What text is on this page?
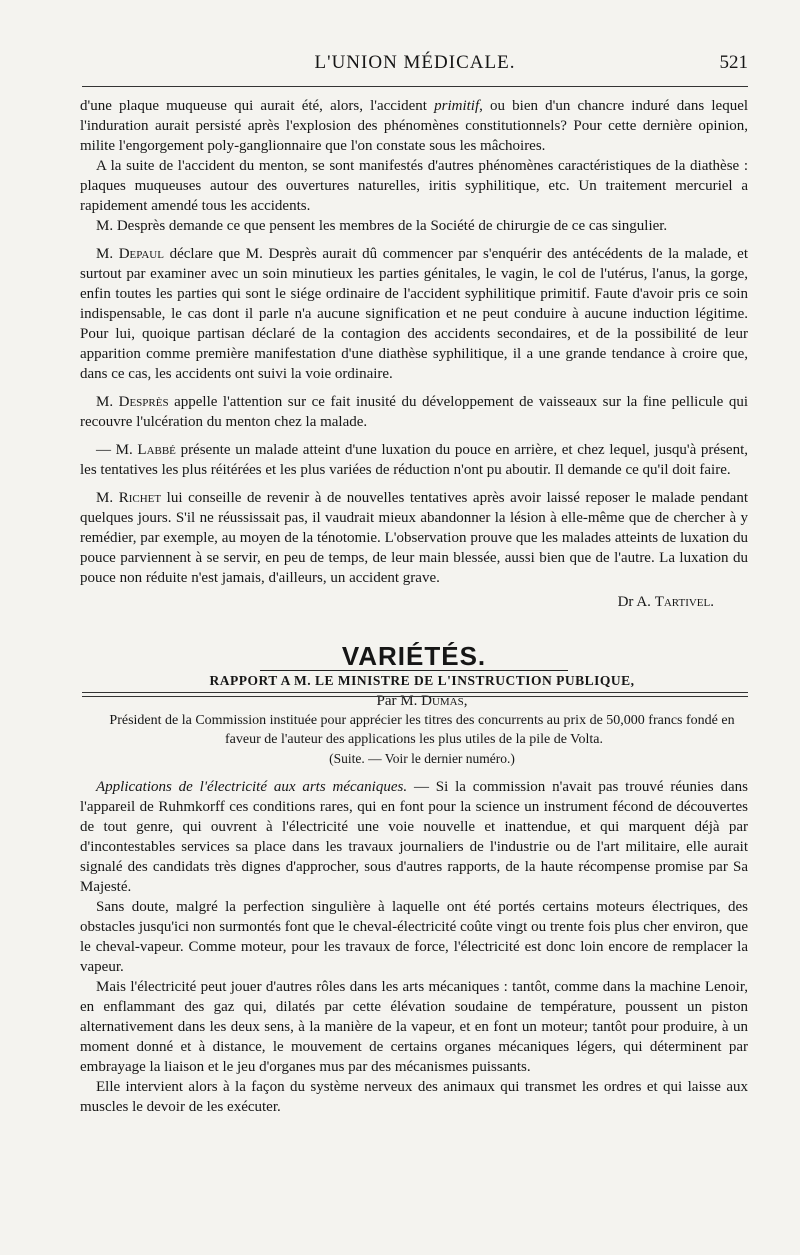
L'UNION MÉDICALE.	521

d'une plaque muqueuse qui aurait été, alors, l'accident primitif, ou bien d'un chancre induré dans lequel l'induration aurait persisté après l'explosion des phénomènes constitutionnels? Pour cette dernière opinion, milite l'engorgement poly-ganglionnaire que l'on constate sous les mâchoires.

A la suite de l'accident du menton, se sont manifestés d'autres phénomènes caractéristiques de la diathèse : plaques muqueuses autour des ouvertures naturelles, iritis syphilitique, etc. Un traitement mercuriel a rapidement amendé tous les accidents.

M. Desprès demande ce que pensent les membres de la Société de chirurgie de ce cas singulier.

M. Depaul déclare que M. Desprès aurait dû commencer par s'enquérir des antécédents de la malade, et surtout par examiner avec un soin minutieux les parties génitales, le vagin, le col de l'utérus, l'anus, la gorge, enfin toutes les parties qui sont le siége ordinaire de l'accident syphilitique primitif. Faute d'avoir pris ce soin indispensable, le cas dont il parle n'a aucune signification et ne peut conduire à aucune induction légitime. Pour lui, quoique partisan déclaré de la contagion des accidents secondaires, et de la possibilité de leur apparition comme première manifestation d'une diathèse syphilitique, il a une grande tendance à croire que, dans ce cas, les accidents ont suivi la voie ordinaire.

M. Desprès appelle l'attention sur ce fait inusité du développement de vaisseaux sur la fine pellicule qui recouvre l'ulcération du menton chez la malade.

— M. Labbé présente un malade atteint d'une luxation du pouce en arrière, et chez lequel, jusqu'à présent, les tentatives les plus réitérées et les plus variées de réduction n'ont pu aboutir. Il demande ce qu'il doit faire.

M. Richet lui conseille de revenir à de nouvelles tentatives après avoir laissé reposer le malade pendant quelques jours. S'il ne réussissait pas, il vaudrait mieux abandonner la lésion à elle-même que de chercher à y remédier, par exemple, au moyen de la ténotomie. L'observation prouve que les malades atteints de luxation du pouce parviennent à se servir, en peu de temps, de leur main blessée, aussi bien que de l'autre. La luxation du pouce non réduite n'est jamais, d'ailleurs, un accident grave.

Dr A. Tartivel.
VARIÉTÉS.

RAPPORT A M. LE MINISTRE DE L'INSTRUCTION PUBLIQUE,

Par M. Dumas,

Président de la Commission instituée pour apprécier les titres des concurrents au prix de 50,000 francs fondé en faveur de l'auteur des applications les plus utiles de la pile de Volta.

(Suite. — Voir le dernier numéro.)

Applications de l'électricité aux arts mécaniques. — Si la commission n'avait pas trouvé réunies dans l'appareil de Ruhmkorff ces conditions rares, qui en font pour la science un instrument fécond de découvertes de tout genre, qui ouvrent à l'électricité une voie nouvelle et inattendue, et qui marquent déjà par d'incontestables services sa place dans les travaux journaliers de l'industrie ou de l'art militaire, elle aurait signalé des candidats très dignes d'approcher, sous d'autres rapports, de la haute récompense promise par Sa Majesté.

Sans doute, malgré la perfection singulière à laquelle ont été portés certains moteurs électriques, des obstacles jusqu'ici non surmontés font que le cheval-électricité coûte vingt ou trente fois plus cher environ, que le cheval-vapeur. Comme moteur, pour les travaux de force, l'électricité est donc loin encore de remplacer la vapeur.

Mais l'électricité peut jouer d'autres rôles dans les arts mécaniques : tantôt, comme dans la machine Lenoir, en enflammant des gaz qui, dilatés par cette élévation soudaine de température, poussent un piston alternativement dans les deux sens, à la manière de la vapeur, et en font un moteur; tantôt pour produire, à un moment donné et à distance, le mouvement de certains organes mécaniques légers, qui déterminent par embrayage la liaison et le jeu d'organes mus par des mécanismes puissants.

Elle intervient alors à la façon du système nerveux des animaux qui transmet les ordres et qui laisse aux muscles le devoir de les exécuter.
